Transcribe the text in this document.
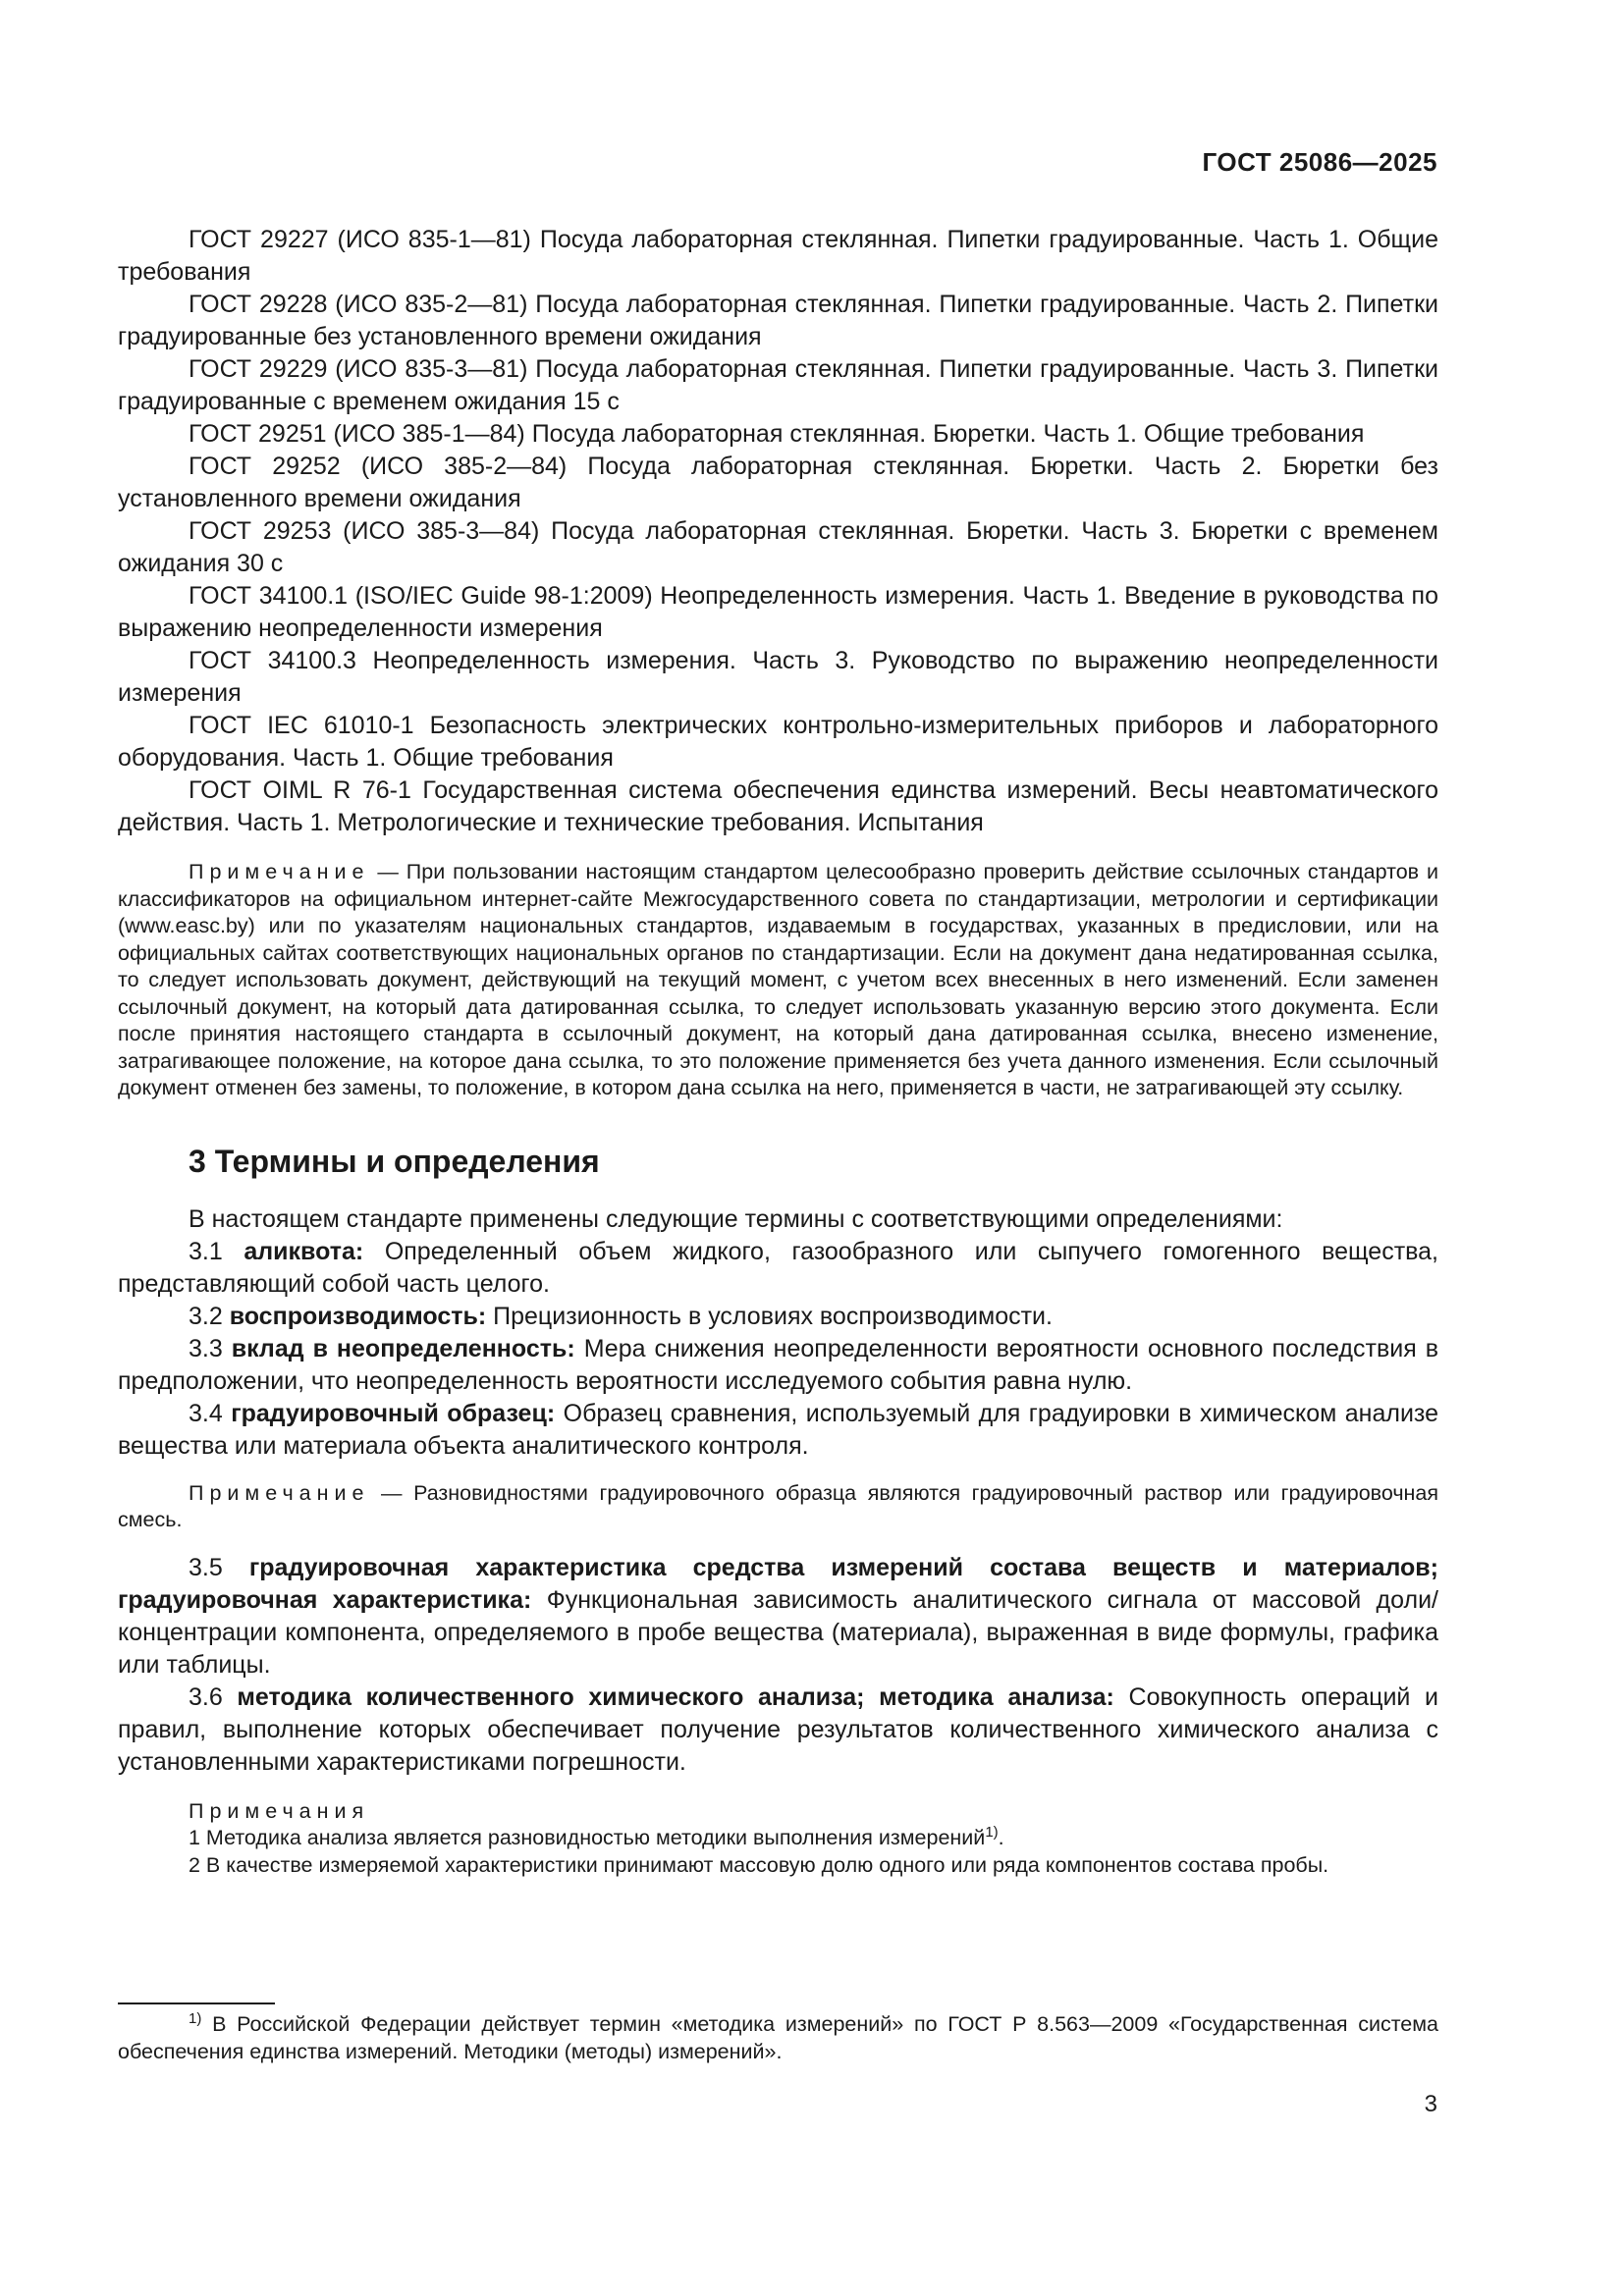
ГОСТ 25086—2025

ГОСТ 29227 (ИСО 835-1—81) Посуда лабораторная стеклянная. Пипетки градуированные. Часть 1. Общие требования

ГОСТ 29228 (ИСО 835-2—81) Посуда лабораторная стеклянная. Пипетки градуированные. Часть 2. Пипетки градуированные без установленного времени ожидания

ГОСТ 29229 (ИСО 835-3—81) Посуда лабораторная стеклянная. Пипетки градуированные. Часть 3. Пипетки градуированные с временем ожидания 15 с

ГОСТ 29251 (ИСО 385-1—84) Посуда лабораторная стеклянная. Бюретки. Часть 1. Общие требования

ГОСТ 29252 (ИСО 385-2—84) Посуда лабораторная стеклянная. Бюретки. Часть 2. Бюретки без установленного времени ожидания

ГОСТ 29253 (ИСО 385-3—84) Посуда лабораторная стеклянная. Бюретки. Часть 3. Бюретки с временем ожидания 30 с

ГОСТ 34100.1 (ISO/IEC Guide 98-1:2009) Неопределенность измерения. Часть 1. Введение в руководства по выражению неопределенности измерения

ГОСТ 34100.3 Неопределенность измерения. Часть 3. Руководство по выражению неопределенности измерения

ГОСТ IEC 61010-1 Безопасность электрических контрольно-измерительных приборов и лабораторного оборудования. Часть 1. Общие требования

ГОСТ OIML R 76-1 Государственная система обеспечения единства измерений. Весы неавтоматического действия. Часть 1. Метрологические и технические требования. Испытания

Примечание — При пользовании настоящим стандартом целесообразно проверить действие ссылочных стандартов и классификаторов на официальном интернет-сайте Межгосударственного совета по стандартизации, метрологии и сертификации (www.easc.by) или по указателям национальных стандартов, издаваемым в государствах, указанных в предисловии, или на официальных сайтах соответствующих национальных органов по стандартизации. Если на документ дана недатированная ссылка, то следует использовать документ, действующий на текущий момент, с учетом всех внесенных в него изменений. Если заменен ссылочный документ, на который дата датированная ссылка, то следует использовать указанную версию этого документа. Если после принятия настоящего стандарта в ссылочный документ, на который дана датированная ссылка, внесено изменение, затрагивающее положение, на которое дана ссылка, то это положение применяется без учета данного изменения. Если ссылочный документ отменен без замены, то положение, в котором дана ссылка на него, применяется в части, не затрагивающей эту ссылку.
3 Термины и определения

В настоящем стандарте применены следующие термины с соответствующими определениями:

3.1 аликвота: Определенный объем жидкого, газообразного или сыпучего гомогенного вещества, представляющий собой часть целого.

3.2 воспроизводимость: Прецизионность в условиях воспроизводимости.

3.3 вклад в неопределенность: Мера снижения неопределенности вероятности основного последствия в предположении, что неопределенность вероятности исследуемого события равна нулю.

3.4 градуировочный образец: Образец сравнения, используемый для градуировки в химическом анализе вещества или материала объекта аналитического контроля.

Примечание — Разновидностями градуировочного образца являются градуировочный раствор или градуировочная смесь.

3.5 градуировочная характеристика средства измерений состава веществ и материалов; градуировочная характеристика: Функциональная зависимость аналитического сигнала от массовой доли/концентрации компонента, определяемого в пробе вещества (материала), выраженная в виде формулы, графика или таблицы.

3.6 методика количественного химического анализа; методика анализа: Совокупность операций и правил, выполнение которых обеспечивает получение результатов количественного химического анализа с установленными характеристиками погрешности.

Примечания
1 Методика анализа является разновидностью методики выполнения измерений$^{1)}$.
2 В качестве измеряемой характеристики принимают массовую долю одного или ряда компонентов состава пробы.
$^{1)}$ В Российской Федерации действует термин «методика измерений» по ГОСТ Р 8.563—2009 «Государственная система обеспечения единства измерений. Методики (методы) измерений».
3
